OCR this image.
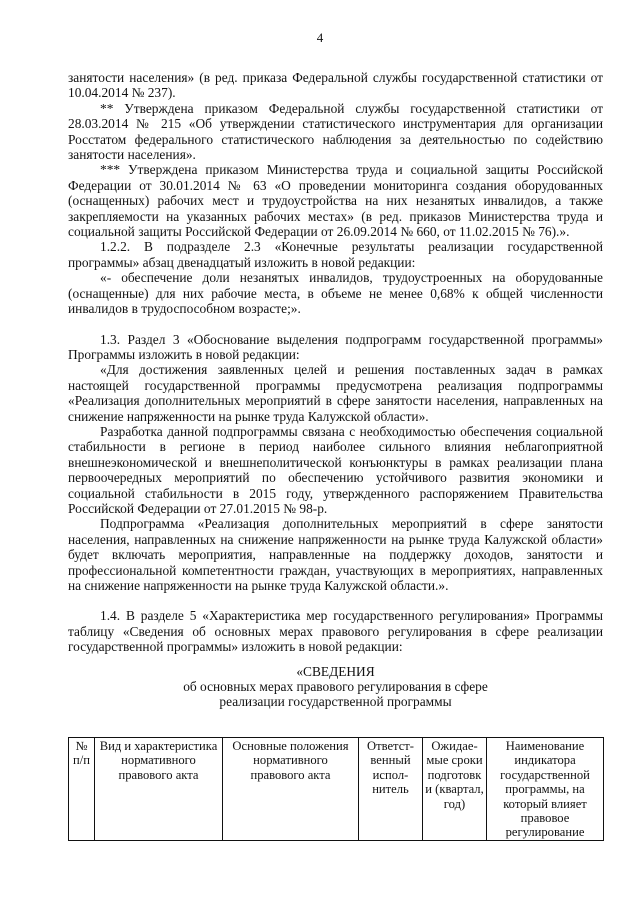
4

занятости населения» (в ред. приказа Федеральной службы государственной статистики от 10.04.2014 № 237).

** Утверждена приказом Федеральной службы государственной статистики от 28.03.2014 № 215 «Об утверждении статистического инструментария для организации Росстатом федерального статистического наблюдения за деятельностью по содействию занятости населения».

*** Утверждена приказом Министерства труда и социальной защиты Российской Федерации от 30.01.2014 № 63 «О проведении мониторинга создания оборудованных (оснащенных) рабочих мест и трудоустройства на них незанятых инвалидов, а также закрепляемости на указанных рабочих местах» (в ред. приказов Министерства труда и социальной защиты Российской Федерации от 26.09.2014 № 660, от 11.02.2015 № 76).».

1.2.2. В подразделе 2.3 «Конечные результаты реализации государственной программы» абзац двенадцатый изложить в новой редакции:

«- обеспечение доли незанятых инвалидов, трудоустроенных на оборудованные (оснащенные) для них рабочие места, в объеме не менее 0,68% к общей численности инвалидов в трудоспособном возрасте;».

1.3. Раздел 3 «Обоснование выделения подпрограмм государственной программы» Программы изложить в новой редакции:

«Для достижения заявленных целей и решения поставленных задач в рамках настоящей государственной программы предусмотрена реализация подпрограммы «Реализация дополнительных мероприятий в сфере занятости населения, направленных на снижение напряженности на рынке труда Калужской области».

Разработка данной подпрограммы связана с необходимостью обеспечения социальной стабильности в регионе в период наиболее сильного влияния неблагоприятной внешнеэкономической и внешнеполитической конъюнктуры в рамках реализации плана первоочередных мероприятий по обеспечению устойчивого развития экономики и социальной стабильности в 2015 году, утвержденного распоряжением Правительства Российской Федерации от 27.01.2015 № 98-р.

Подпрограмма «Реализация дополнительных мероприятий в сфере занятости населения, направленных на снижение напряженности на рынке труда Калужской области» будет включать мероприятия, направленные на поддержку доходов, занятости и профессиональной компетентности граждан, участвующих в мероприятиях, направленных на снижение напряженности на рынке труда Калужской области.».

1.4. В разделе 5 «Характеристика мер государственного регулирования» Программы таблицу «Сведения об основных мерах правового регулирования в сфере реализации государственной программы» изложить в новой редакции:

«СВЕДЕНИЯ
об основных мерах правового регулирования в сфере
реализации государственной программы
№ п/п	Вид и характеристика нормативного правового акта	Основные положения нормативного правового акта	Ответст-венный испол-нитель	Ожидае-мые сроки подготовк и (квартал, год)	Наименование индикатора государственной программы, на который влияет правовое регулирование
